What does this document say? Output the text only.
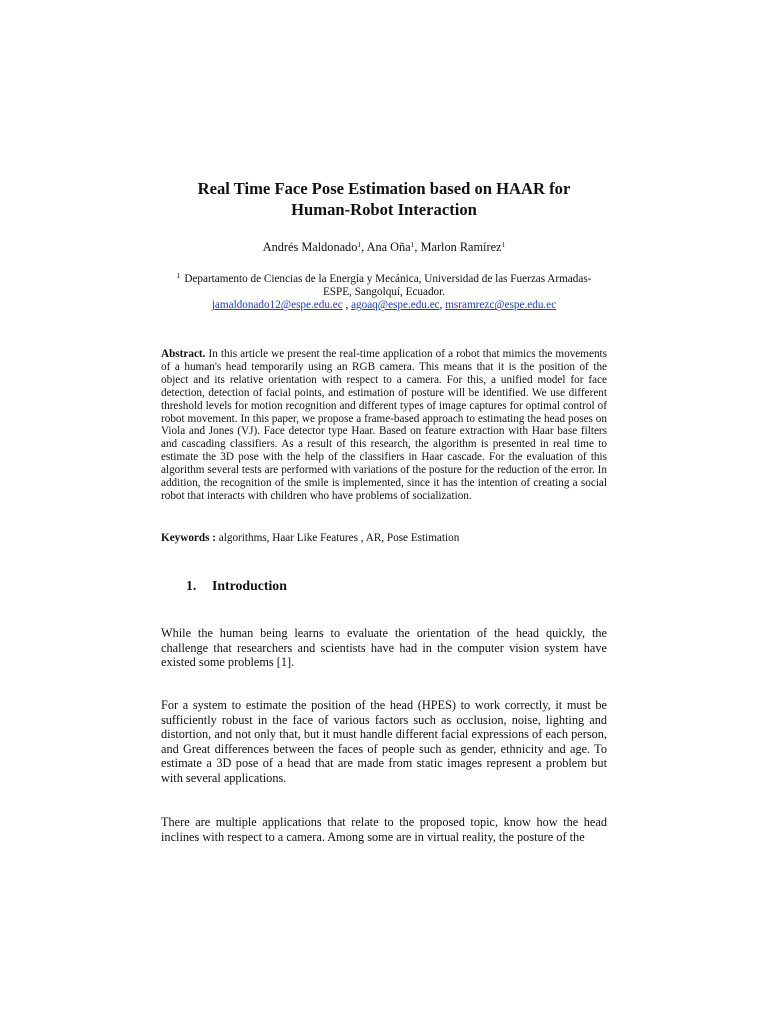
Real Time Face Pose Estimation based on HAAR for
Human-Robot Interaction
Andrés Maldonado$^1$, Ana Oña$^1$, Marlon Ramírez$^1$
$^1$ Departamento de Ciencias de la Energía y Mecánica, Universidad de las Fuerzas Armadas-
ESPE, Sangolquí, Ecuador.
jamaldonado12@espe.edu.ec , agoaq@espe.edu.ec, msramrezc@espe.edu.ec
Abstract. In this article we present the real-time application of a robot that mimics the movements of a human's head temporarily using an RGB camera. This means that it is the position of the object and its relative orientation with respect to a camera. For this, a unified model for face detection, detection of facial points, and estimation of posture will be identified. We use different threshold levels for motion recognition and different types of image captures for optimal control of robot movement. In this paper, we propose a frame-based approach to estimating the head poses on Viola and Jones (VJ). Face detector type Haar. Based on feature extraction with Haar base filters and cascading classifiers. As a result of this research, the algorithm is presented in real time to estimate the 3D pose with the help of the classifiers in Haar cascade. For the evaluation of this algorithm several tests are performed with variations of the posture for the reduction of the error. In addition, the recognition of the smile is implemented, since it has the intention of creating a social robot that interacts with children who have problems of socialization.
Keywords : algorithms, Haar Like Features , AR, Pose Estimation
1. Introduction
While the human being learns to evaluate the orientation of the head quickly, the challenge that researchers and scientists have had in the computer vision system have existed some problems [1].
For a system to estimate the position of the head (HPES) to work correctly, it must be sufficiently robust in the face of various factors such as occlusion, noise, lighting and distortion, and not only that, but it must handle different facial expressions of each person, and Great differences between the faces of people such as gender, ethnicity and age. To estimate a 3D pose of a head that are made from static images represent a problem but with several applications.
There are multiple applications that relate to the proposed topic, know how the head inclines with respect to a camera. Among some are in virtual reality, the posture of the
